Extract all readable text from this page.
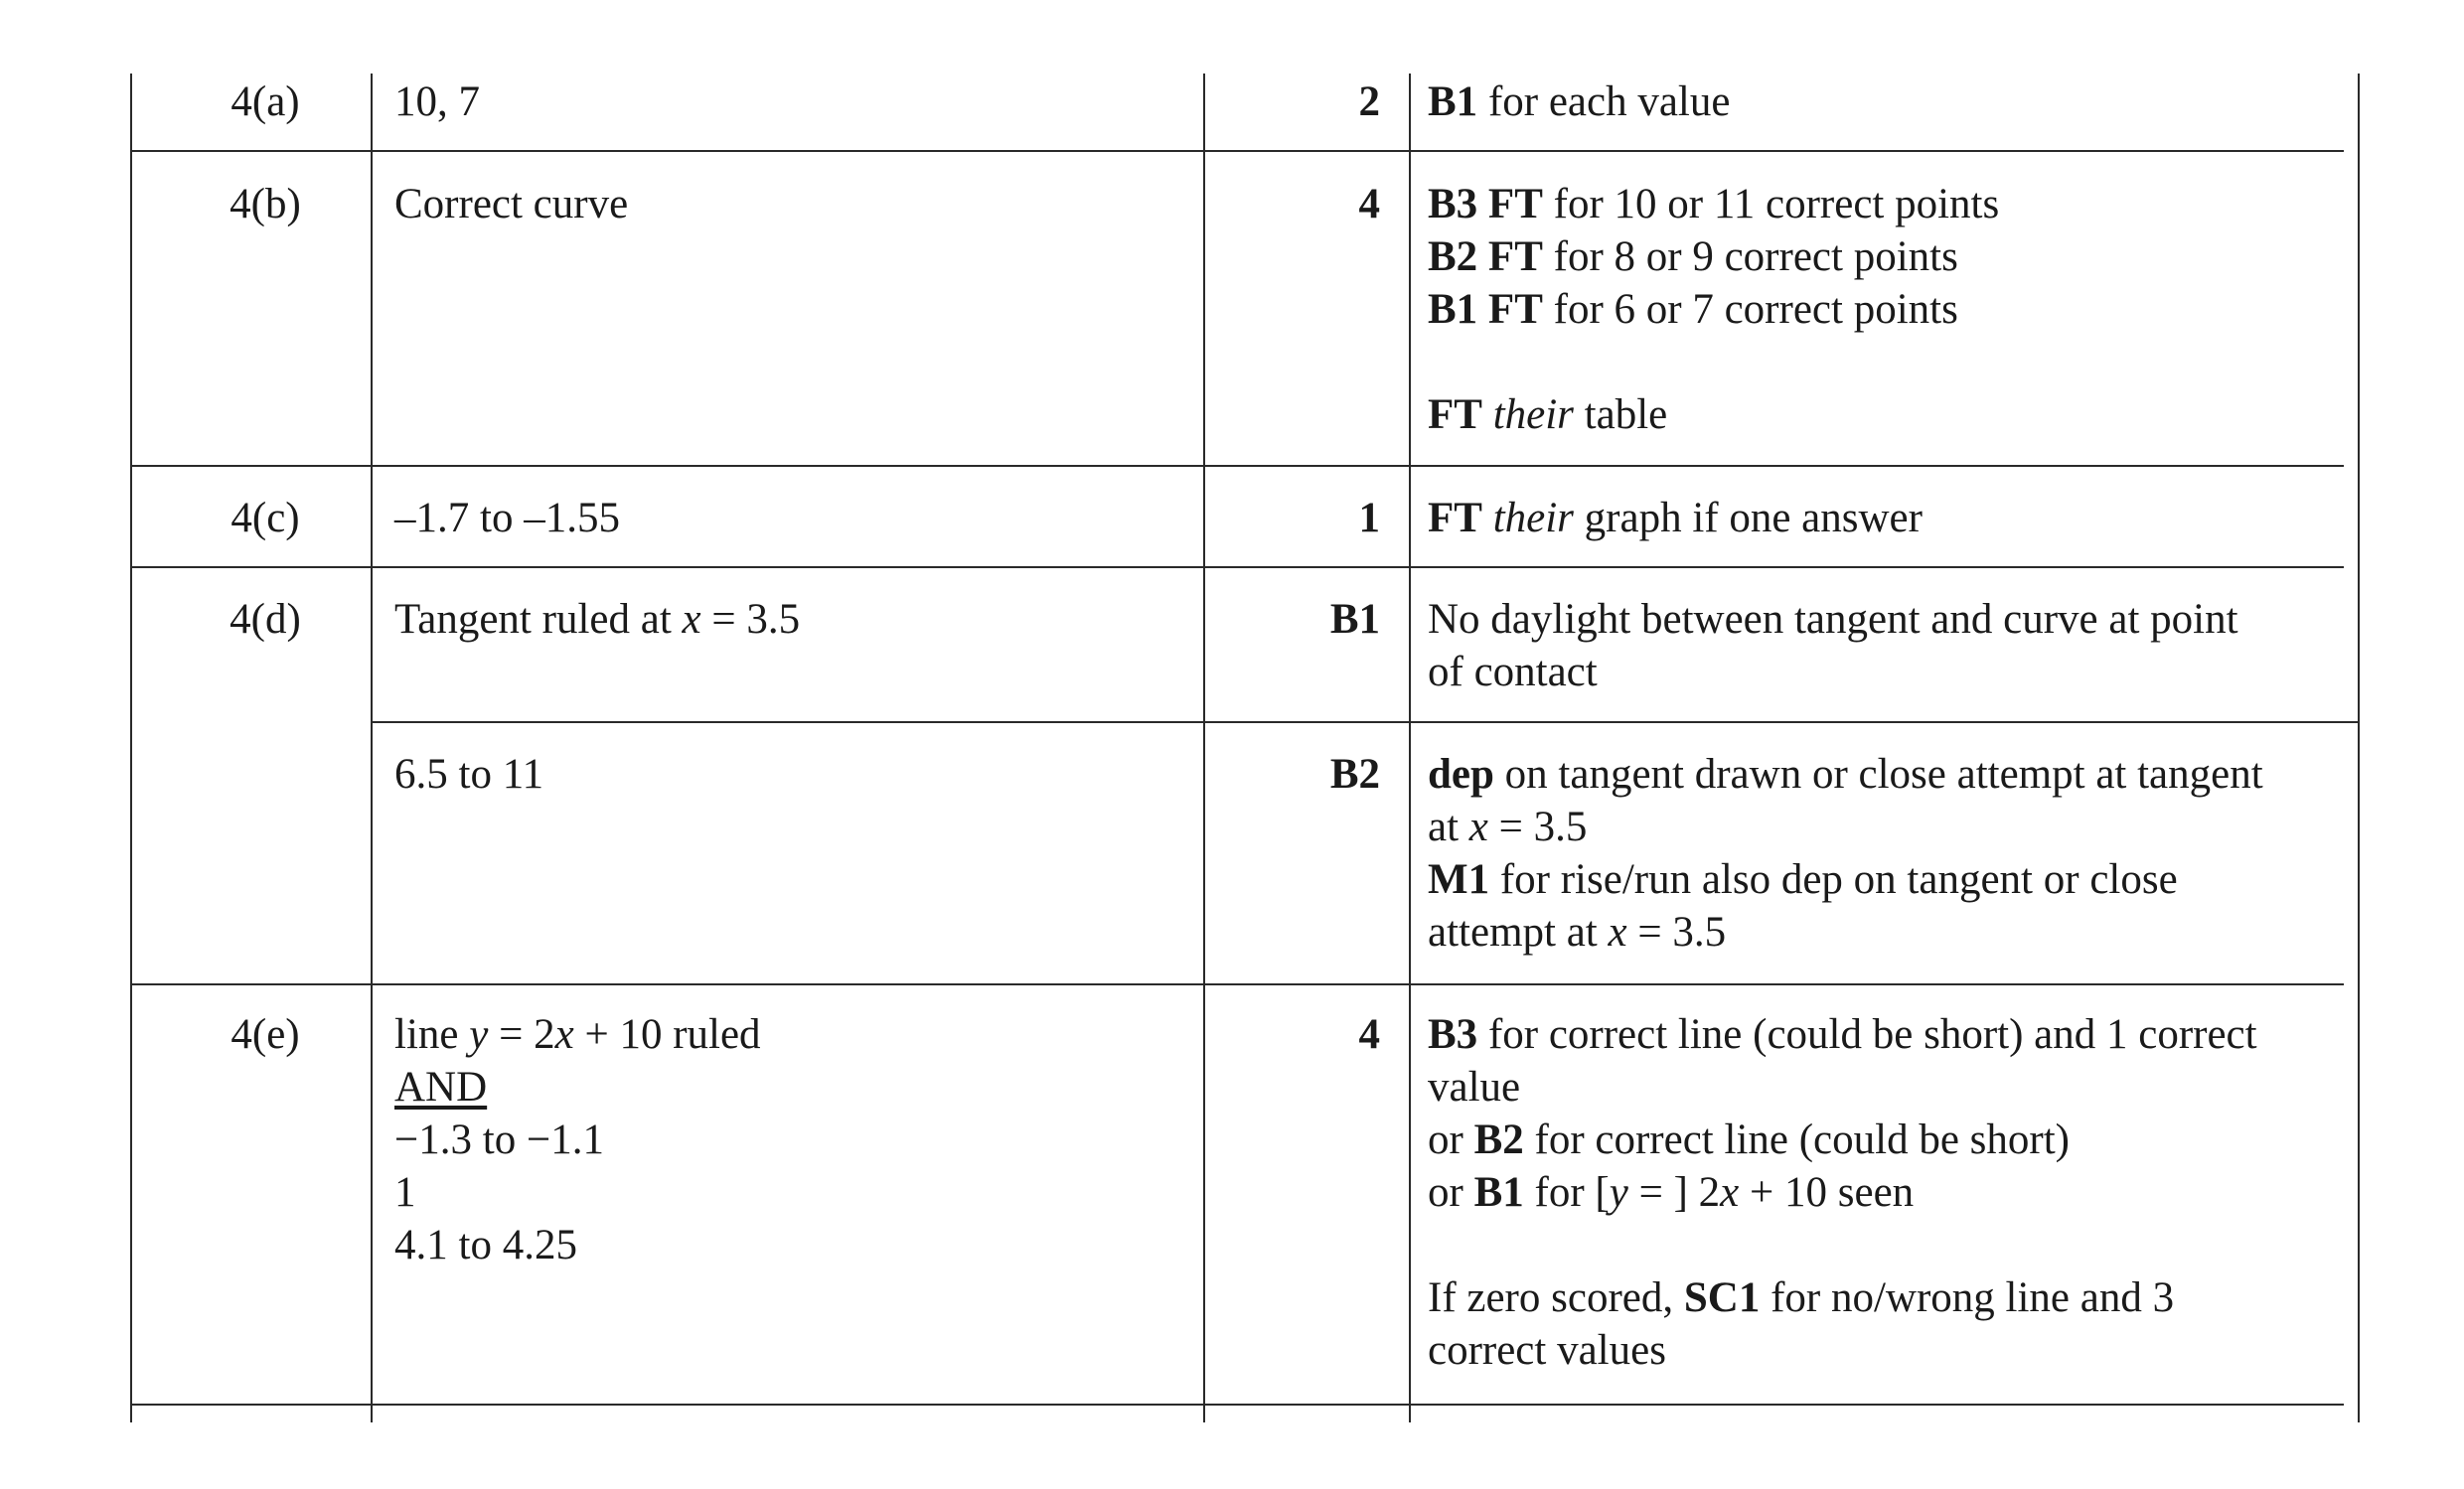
4(a)	10, 7	2 B1 for each value
4(b)	Correct curve	4 B3 FT for 10 or 11 correct points
B2 FT for 8 or 9 correct points
B1 FT for 6 or 7 correct points
FT their table
4(c)	–1.7 to –1.55	1 FT their graph if one answer
4(d)	Tangent ruled at x = 3.5	B1 No daylight between tangent and curve at point
of contact
6.5 to 11	B2 dep on tangent drawn or close attempt at tangent
at x = 3.5
M1 for rise/run also dep on tangent or close
attempt at x = 3.5
4(e)	line y = 2x + 10 ruled
AND
−1.3 to −1.1
1
4.1 to 4.25
4 B3 for correct line (could be short) and 1 correct
value
or B2 for correct line (could be short)
or B1 for [y = ] 2x + 10 seen
If zero scored, SC1 for no/wrong line and 3
correct values
